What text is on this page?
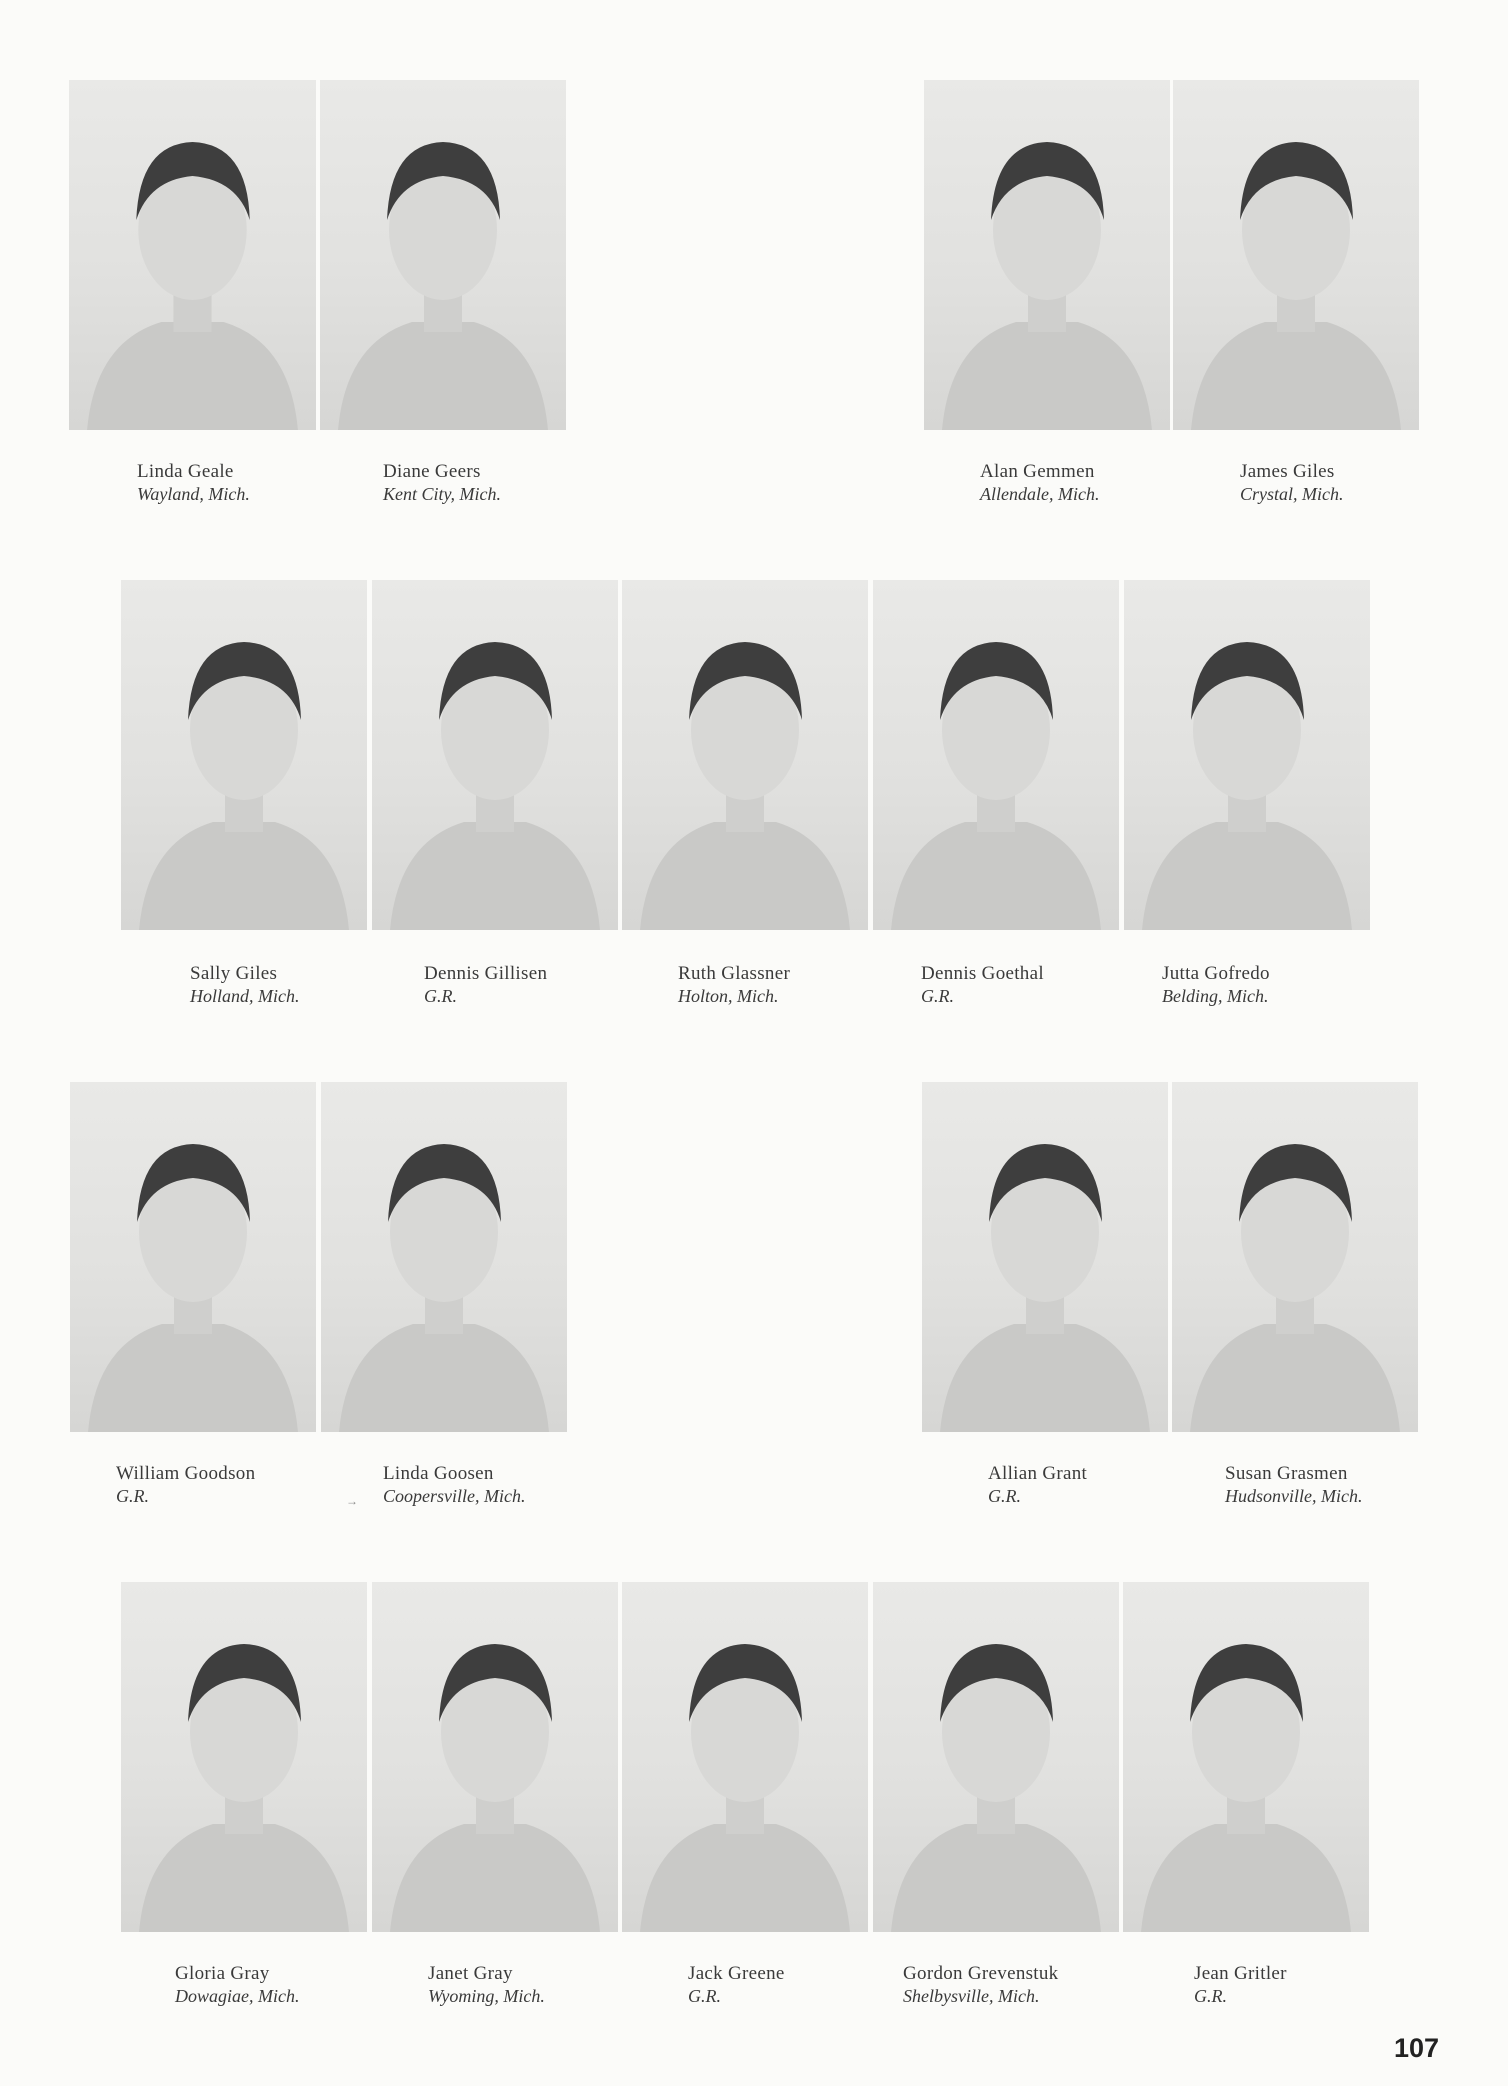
Linda Geale
Wayland, Mich.
Diane Geers
Kent City, Mich.
Alan Gemmen
Allendale, Mich.
James Giles
Crystal, Mich.
Sally Giles
Holland, Mich.
Dennis Gillisen
G.R.
Ruth Glassner
Holton, Mich.
Dennis Goethal
G.R.
Jutta Gofredo
Belding, Mich.
William Goodson
G.R.
Linda Goosen
Coopersville, Mich.
Allian Grant
G.R.
Susan Grasmen
Hudsonville, Mich.
→
Gloria Gray
Dowagiae, Mich.
Janet Gray
Wyoming, Mich.
Jack Greene
G.R.
Gordon Grevenstuk
Shelbysville, Mich.
Jean Gritler
G.R.
107
